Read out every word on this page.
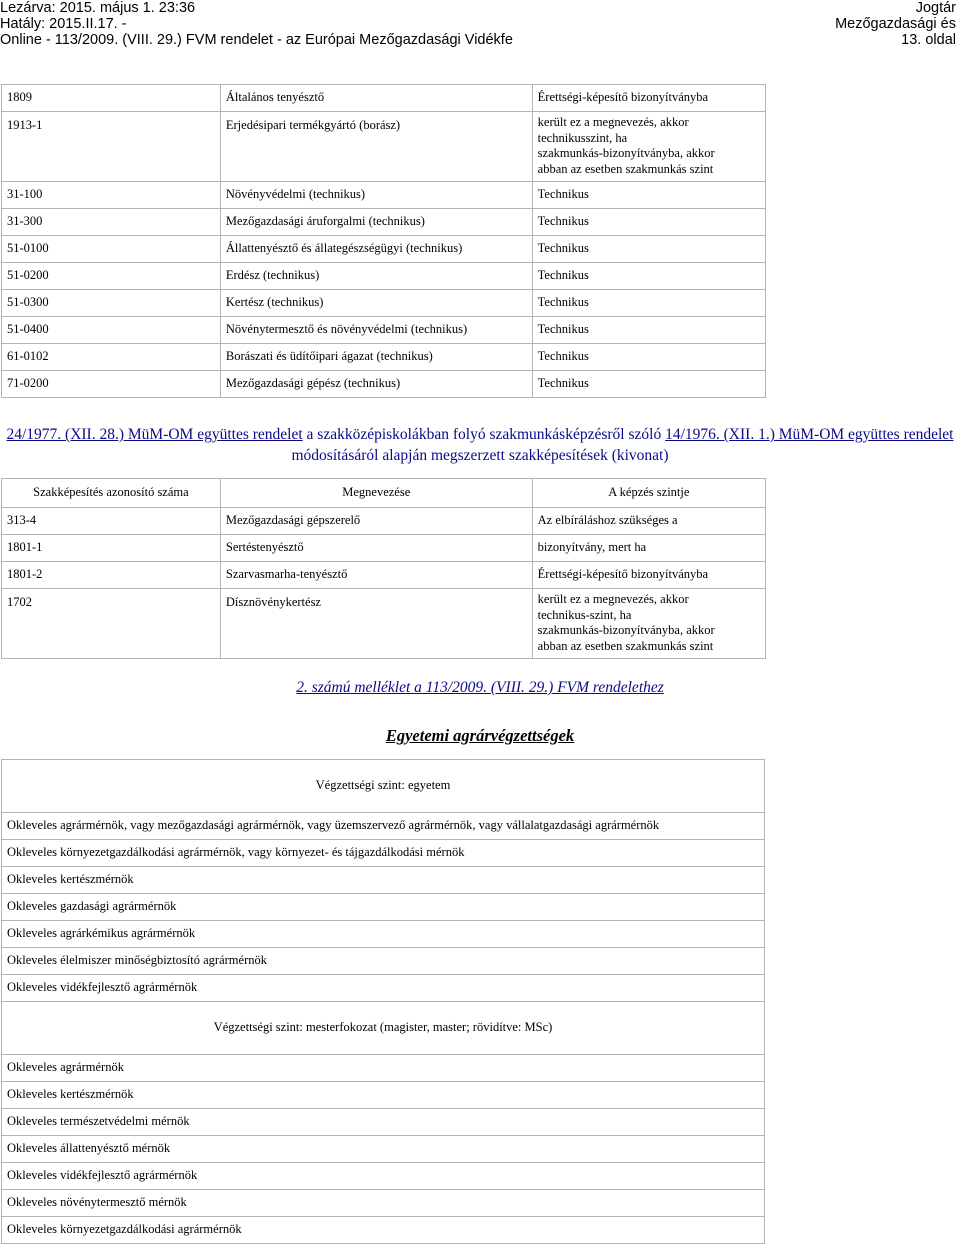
Lezárva: 2015. május 1. 23:36
Hatály: 2015.II.17. -
Online - 113/2009. (VIII. 29.) FVM rendelet - az Európai Mezőgazdasági Vidékfe
Jogtár
Mezőgazdasági és
13. oldal
1809	Általános tenyésztő	Érettségi-képesítő bizonyítványba
1913-1	Erjedésipari termékgyártó (borász)	került ez a megnevezés, akkor
technikusszint, ha
szakmunkás-bizonyítványba, akkor
abban az esetben szakmunkás szint
31-100	Növényvédelmi (technikus)	Technikus
31-300	Mezőgazdasági áruforgalmi (technikus)	Technikus
51-0100	Állattenyésztő és állategészségügyi (technikus)	Technikus
51-0200	Erdész (technikus)	Technikus
51-0300	Kertész (technikus)	Technikus
51-0400	Növénytermesztő és növényvédelmi (technikus)	Technikus
61-0102	Borászati és üdítőipari ágazat (technikus)	Technikus
71-0200	Mezőgazdasági gépész (technikus)	Technikus
24/1977. (XII. 28.) MüM-OM együttes rendelet a szakközépiskolákban folyó szakmunkásképzésről szóló 14/1976. (XII. 1.) MüM-OM együttes rendelet módosításáról alapján megszerzett szakképesítések (kivonat)
Szakképesítés azonosító száma	Megnevezése	A képzés szintje
313-4	Mezőgazdasági gépszerelő	Az elbíráláshoz szükséges a
1801-1	Sertéstenyésztő	bizonyítvány, mert ha
1801-2	Szarvasmarha-tenyésztő	Érettségi-képesítő bizonyítványba
1702	Dísznövénykertész	került ez a megnevezés, akkor
technikus-szint, ha
szakmunkás-bizonyítványba, akkor
abban az esetben szakmunkás szint
2. számú melléklet a 113/2009. (VIII. 29.) FVM rendelethez
Egyetemi agrárvégzettségek
Végzettségi szint: egyetem
Okleveles agrármérnök, vagy mezőgazdasági agrármérnök, vagy üzemszervező agrármérnök, vagy vállalatgazdasági agrármérnök
Okleveles környezetgazdálkodási agrármérnök, vagy környezet- és tájgazdálkodási mérnök
Okleveles kertészmérnök
Okleveles gazdasági agrármérnök
Okleveles agrárkémikus agrármérnök
Okleveles élelmiszer minőségbiztosító agrármérnök
Okleveles vidékfejlesztő agrármérnök
Végzettségi szint: mesterfokozat (magister, master; rövidítve: MSc)
Okleveles agrármérnök
Okleveles kertészmérnök
Okleveles természetvédelmi mérnök
Okleveles állattenyésztő mérnök
Okleveles vidékfejlesztő agrármérnök
Okleveles növénytermesztő mérnök
Okleveles környezetgazdálkodási agrármérnök
